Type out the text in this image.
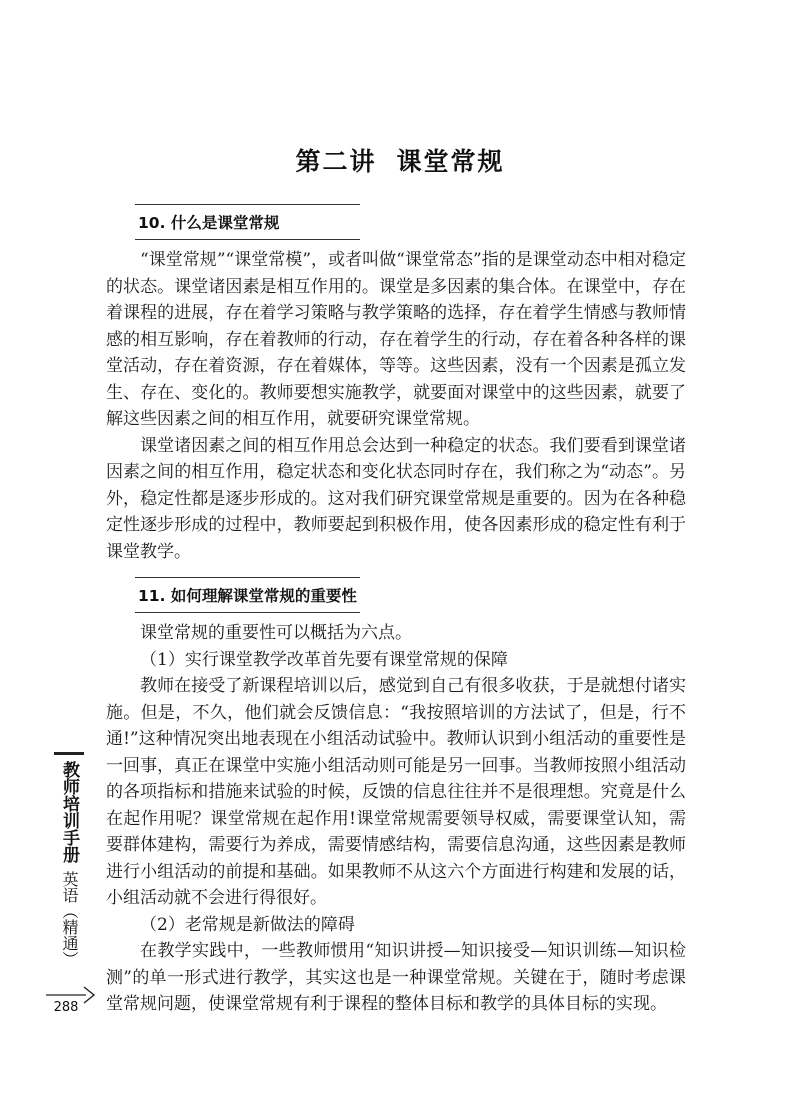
第二讲 课堂常规
10. 什么是课堂常规

“课堂常规”“课堂常模”，或者叫做“课堂常态”指的是课堂动态中相对稳定的状态。课堂诸因素是相互作用的。课堂是多因素的集合体。在课堂中，存在着课程的进展，存在着学习策略与教学策略的选择，存在着学生情感与教师情感的相互影响，存在着教师的行动，存在着学生的行动，存在着各种各样的课堂活动，存在着资源，存在着媒体，等等。这些因素，没有一个因素是孤立发生、存在、变化的。教师要想实施教学，就要面对课堂中的这些因素，就要了解这些因素之间的相互作用，就要研究课堂常规。

课堂诸因素之间的相互作用总会达到一种稳定的状态。我们要看到课堂诸因素之间的相互作用，稳定状态和变化状态同时存在，我们称之为“动态”。另外，稳定性都是逐步形成的。这对我们研究课堂常规是重要的。因为在各种稳定性逐步形成的过程中，教师要起到积极作用，使各因素形成的稳定性有利于课堂教学。

11. 如何理解课堂常规的重要性

课堂常规的重要性可以概括为六点。

（1）实行课堂教学改革首先要有课堂常规的保障

教师在接受了新课程培训以后，感觉到自己有很多收获，于是就想付诸实施。但是，不久，他们就会反馈信息：“我按照培训的方法试了，但是，行不通!”这种情况突出地表现在小组活动试验中。教师认识到小组活动的重要性是一回事，真正在课堂中实施小组活动则可能是另一回事。当教师按照小组活动的各项指标和措施来试验的时候，反馈的信息往往并不是很理想。究竟是什么在起作用呢？课堂常规在起作用!课堂常规需要领导权威，需要课堂认知，需要群体建构，需要行为养成，需要情感结构，需要信息沟通，这些因素是教师进行小组活动的前提和基础。如果教师不从这六个方面进行构建和发展的话，小组活动就不会进行得很好。

（2）老常规是新做法的障碍

在教学实践中，一些教师惯用“知识讲授—知识接受—知识训练—知识检测”的单一形式进行教学，其实这也是一种课堂常规。关键在于，随时考虑课堂常规问题，使课堂常规有利于课程的整体目标和教学的具体目标的实现。

教师培训手册
英语（精通）
288
